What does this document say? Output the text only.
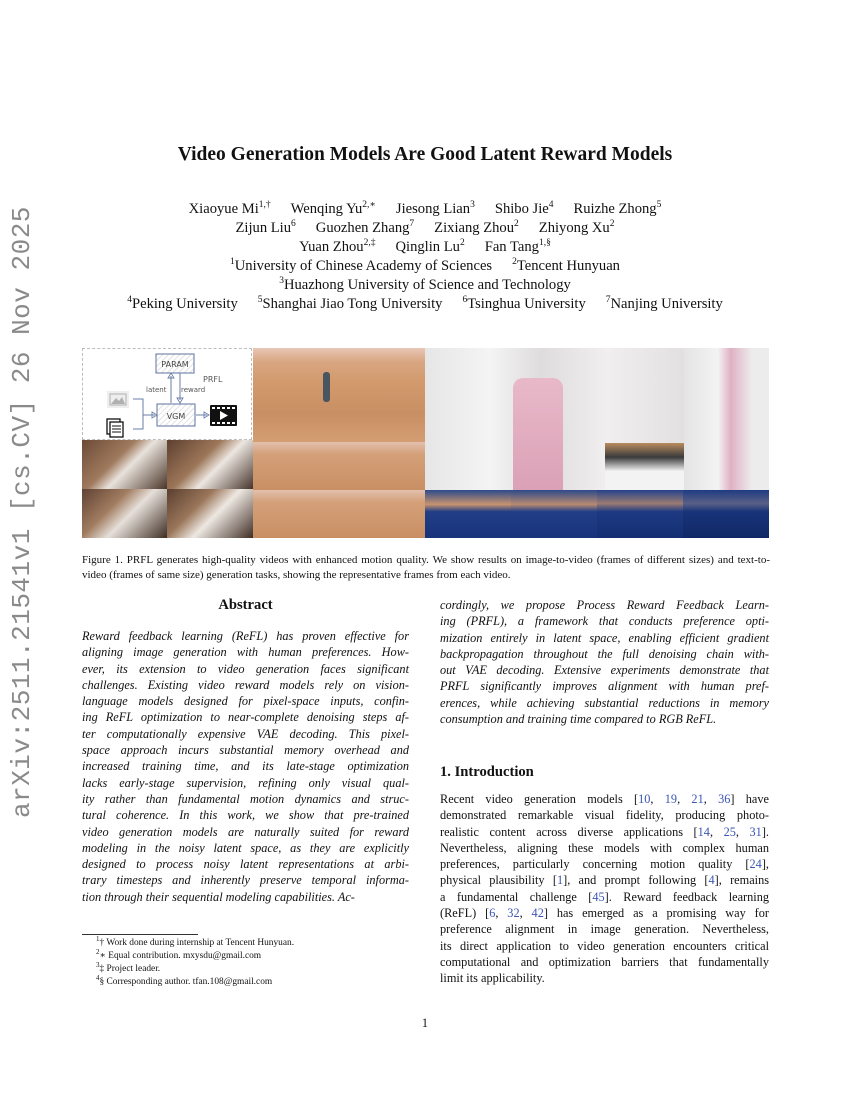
arXiv:2511.21541v1 [cs.CV] 26 Nov 2025
Video Generation Models Are Good Latent Reward Models
Xiaoyue $Mi^{1,\dagger}$ Wenqing $Yu^{2,∗}$ Jiesong Lian$^3$ Shibo Jie$^4$ Ruizhe Zhong$^5$
Zijun Liu$^6$ Guozhen Zhang$^7$ Zixiang Zhou$^2$ Zhiyong Xu$^2$
Yuan Zhou$^{2,\ddagger}$ Qinglin Lu$^2$ Fan Tang$^{1,\S}$
$^1$University of Chinese Academy of Sciences $^2$Tencent Hunyuan
$^3$Huazhong University of Science and Technology
$^4$Peking University $^5$Shanghai Jiao Tong University $^6$Tsinghua University $^7$Nanjing University
PARAM
PRFL
latent reward
VGM
Figure 1. PRFL generates high-quality videos with enhanced motion quality. We show results on image-to-video (frames of different sizes) and text-to-video (frames of same size) generation tasks, showing the representative frames from each video.
Abstract
Reward feedback learning (ReFL) has proven effective for
aligning image generation with human preferences. How-
ever, its extension to video generation faces significant
challenges. Existing video reward models rely on vision-
language models designed for pixel-space inputs, confin-
ing ReFL optimization to near-complete denoising steps af-
ter computationally expensive VAE decoding. This pixel-
space approach incurs substantial memory overhead and
increased training time, and its late-stage optimization
lacks early-stage supervision, refining only visual qual-
ity rather than fundamental motion dynamics and struc-
tural coherence. In this work, we show that pre-trained
video generation models are naturally suited for reward
modeling in the noisy latent space, as they are explicitly
designed to process noisy latent representations at arbi-
trary timesteps and inherently preserve temporal informa-
tion through their sequential modeling capabilities. Ac-
cordingly, we propose Process Reward Feedback Learn-
ing (PRFL), a framework that conducts preference opti-
mization entirely in latent space, enabling efficient gradient
backpropagation throughout the full denoising chain with-
out VAE decoding. Extensive experiments demonstrate that
PRFL significantly improves alignment with human pref-
erences, while achieving substantial reductions in memory
consumption and training time compared to RGB ReFL.
1. Introduction
Recent video generation models [10, 19, 21, 36] have
demonstrated remarkable visual fidelity, producing photo-
realistic content across diverse applications [14, 25, 31].
Nevertheless, aligning these models with complex human
preferences, particularly concerning motion quality [24],
physical plausibility [1], and prompt following [4], remains
a fundamental challenge [45]. Reward feedback learning
(ReFL) [6, 32, 42] has emerged as a promising way for
preference alignment in image generation. Nevertheless,
its direct application to video generation encounters critical
computational and optimization barriers that fundamentally
limit its applicability.
$^1$† Work done during internship at Tencent Hunyuan.
$^2$∗ Equal contribution. mxysdu@gmail.com
$^3$‡ Project leader.
$^4$§ Corresponding author. tfan.108@gmail.com
1
